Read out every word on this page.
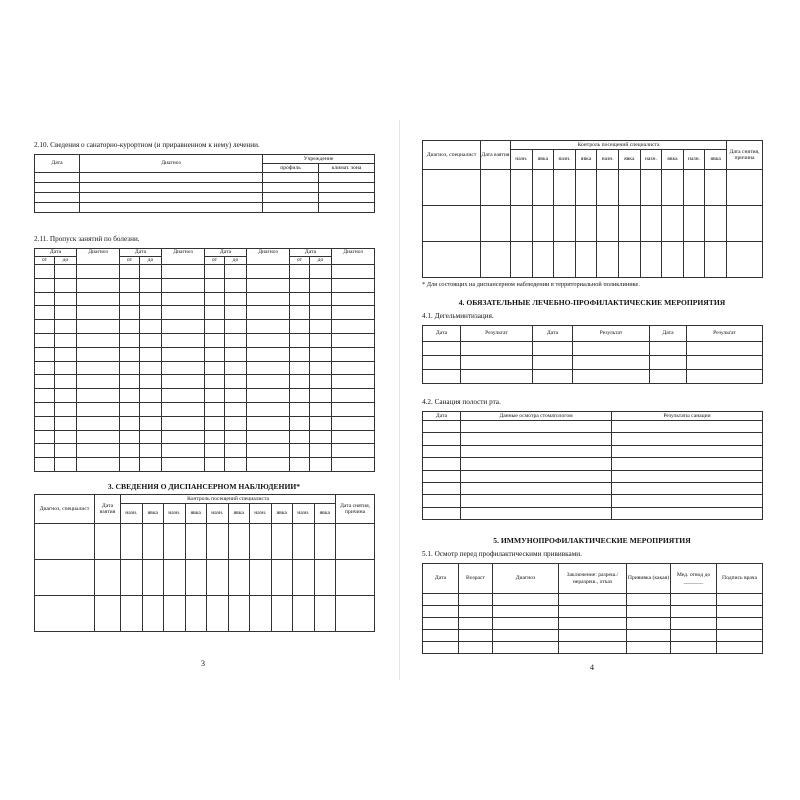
2.10. Сведения о санаторно-курортном (и приравненном к нему) лечении.
Дата	Диагноз	Учреждение	
		профиль	климат. зона

2.11. Пропуск занятий по болезни.
Дата		Диагноз	Дата		Диагноз	Дата		Диагноз	Дата		Диагноз
от	до		от	до		от	до		от	до	

3. СВЕДЕНИЯ О ДИСПАНСЕРНОМ НАБЛЮДЕНИИ*
Диагноз, специалист	Дата взятия	Контроль посещений специалиста										Дата снятия, причина
		назн.	явка	назн.	явка	назн.	явка	назн.	явка	назн.	явка	

3
Диагноз, специалист	Дата взятия	Контроль посещений специалиста										Дата снятия, причина
		назн.	явка	назн.	явка	назн.	явка	назн.	явка	назн.	явка	

* Для состоящих на диспансерном наблюдении в территориальной поликлинике.
4. ОБЯЗАТЕЛЬНЫЕ ЛЕЧЕБНО-ПРОФИЛАКТИЧЕСКИЕ МЕРОПРИЯТИЯ
4.1. Дегельминтизация.
Дата	Результат	Дата	Результат	Дата	Результат

4.2. Санация полости рта.
Дата	Данные осмотра стоматологом	Результаты санации

5. ИММУНОПРОФИЛАКТИЧЕСКИЕ МЕРОПРИЯТИЯ
5.1. Осмотр перед профилактическими прививками.
Дата	Возраст	Диагноз	Заключение: разреш./неразреш., отказ	Прививка (какая)	Мед. отвод до _______	Подпись врача

4
